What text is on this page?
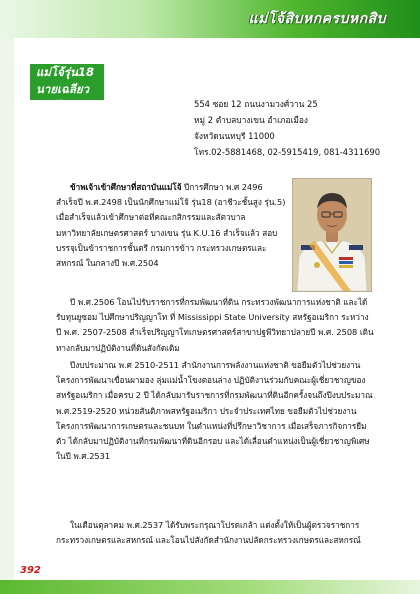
แม่โจ้สิบหกครบหกสิบ
แม่โจ้รุ่น18
นายเฉลียว แจ้งไพร	554 ซอย 12 ถนนงามวงศ์วาน 25
หมู่ 2 ตำบลบางเขน อำเภอเมือง
จังหวัดนนทบุรี 11000
โทร.02-5881468, 02-5915419, 081-4311690
ข้าพเจ้าเข้าศึกษาที่สถาบันแม่โจ้ ปีการศึกษา พ.ศ 2496 สำเร็จปี พ.ศ.2498 เป็นนักศึกษาแม่โจ้ รุ่น18 (อาชีวะชั้นสูง รุ่น.5) เมื่อสำเร็จแล้วเข้าศึกษาต่อที่คณะกสิกรรมและสัตวบาลมหาวิทยาลัยเกษตรศาสตร์ บางเขน รุ่น K.U.16 สำเร็จแล้ว สอบบรรจุเป็นข้าราชการชั้นตรี กรมการข้าว กระทรวงเกษตรและสหกรณ์ ในกลางปี พ.ศ.2504
ปี พ.ศ.2506 โอนไปรับราชการที่กรมพัฒนาที่ดิน กระทรวงพัฒนาการแห่งชาติ และได้รับทุนยูซอม ไปศึกษาปริญญาโท ที่ Mississippi State University สหรัฐอเมริกา ระหว่าง ปี พ.ศ. 2507-2508 สำเร็จปริญญาโทเกษตรศาสตร์สาขาปฐพีวิทยาปลายปี พ.ศ. 2508 เดินทางกลับมาปฏิบัติงานที่ดินสังกัดเดิม
ปีงบประมาณ พ.ศ 2510-2511 สำนักงานการพลังงานแห่งชาติ ขอยืมตัวไปช่วยงานโครงการพัฒนาเขื่อนผามอง ลุ่มแม่น้ำโขงตอนล่าง ปฏิบัติงานร่วมกับคณะผู้เชี่ยวชาญของสหรัฐอเมริกา เมื่อครบ 2 ปี ได้กลับมารับราชการที่กรมพัฒนาที่ดินอีกครั้งจนถึงปีงบประมาณ พ.ศ.2519-2520 หน่วยสันติภาพสหรัฐอเมริกา ประจำประเทศไทย ขอยืมตัวไปช่วยงานโครงการพัฒนาการเกษตรและชนบท ในตำแหน่งที่ปรึกษาวิชาการ เมื่อเสร็จภารกิจการยืมตัว ได้กลับมาปฏิบัติงานที่กรมพัฒนาที่ดินอีกรอบ และได้เลื่อนตำแหน่งเป็นผู้เชี่ยวชาญพิเศษ ในปี พ.ศ.2531
ในเดือนตุลาคม พ.ศ.2537 ได้รับพระกรุณาโปรดเกล้า แต่งตั้งให้เป็นผู้ตรวจราชการกระทรวงเกษตรและสหกรณ์ และโอนไปสังกัดสำนักงานปลัดกระทรวงเกษตรและสหกรณ์
392
